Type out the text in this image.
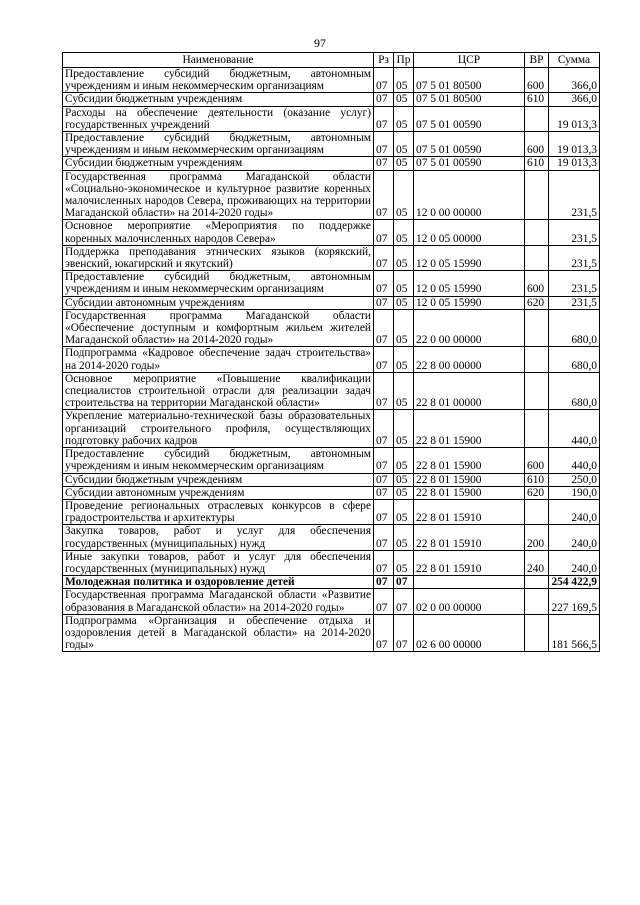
97
Наименование	Рз	Пр	ЦСР	ВР	Сумма
Предоставление субсидий бюджетным, автономным учреждениям и иным некоммерческим организациям	07	05	07 5 01 80500	600	366,0
Субсидии бюджетным учреждениям	07	05	07 5 01 80500	610	366,0
Расходы на обеспечение деятельности (оказание услуг) государственных учреждений	07	05	07 5 01 00590		19 013,3
Предоставление субсидий бюджетным, автономным учреждениям и иным некоммерческим организациям	07	05	07 5 01 00590	600	19 013,3
Субсидии бюджетным учреждениям	07	05	07 5 01 00590	610	19 013,3
Государственная программа Магаданской области «Социально-экономическое и культурное развитие коренных малочисленных народов Севера, проживающих на территории Магаданской области» на 2014-2020 годы»	07	05	12 0 00 00000		231,5
Основное мероприятие «Мероприятия по поддержке коренных малочисленных народов Севера»	07	05	12 0 05 00000		231,5
Поддержка преподавания этнических языков (корякский, эвенский, юкагирский и якутский)	07	05	12 0 05 15990		231,5
Предоставление субсидий бюджетным, автономным учреждениям и иным некоммерческим организациям	07	05	12 0 05 15990	600	231,5
Субсидии автономным учреждениям	07	05	12 0 05 15990	620	231,5
Государственная программа Магаданской области «Обеспечение доступным и комфортным жильем жителей Магаданской области» на 2014-2020 годы»	07	05	22 0 00 00000		680,0
Подпрограмма «Кадровое обеспечение задач строительства» на 2014-2020 годы»	07	05	22 8 00 00000		680,0
Основное мероприятие «Повышение квалификации специалистов строительной отрасли для реализации задач строительства на территории Магаданской области»	07	05	22 8 01 00000		680,0
Укрепление материально-технической базы образовательных организаций строительного профиля, осуществляющих подготовку рабочих кадров	07	05	22 8 01 15900		440,0
Предоставление субсидий бюджетным, автономным учреждениям и иным некоммерческим организациям	07	05	22 8 01 15900	600	440,0
Субсидии бюджетным учреждениям	07	05	22 8 01 15900	610	250,0
Субсидии автономным учреждениям	07	05	22 8 01 15900	620	190,0
Проведение региональных отраслевых конкурсов в сфере градостроительства и архитектуры	07	05	22 8 01 15910		240,0
Закупка товаров, работ и услуг для обеспечения государственных (муниципальных) нужд	07	05	22 8 01 15910	200	240,0
Иные закупки товаров, работ и услуг для обеспечения государственных (муниципальных) нужд	07	05	22 8 01 15910	240	240,0
Молодежная политика и оздоровление детей	07	07			254 422,9
Государственная программа Магаданской области «Развитие образования в Магаданской области» на 2014-2020 годы»	07	07	02 0 00 00000		227 169,5
Подпрограмма «Организация и обеспечение отдыха и оздоровления детей в Магаданской области» на 2014-2020 годы»	07	07	02 6 00 00000		181 566,5
